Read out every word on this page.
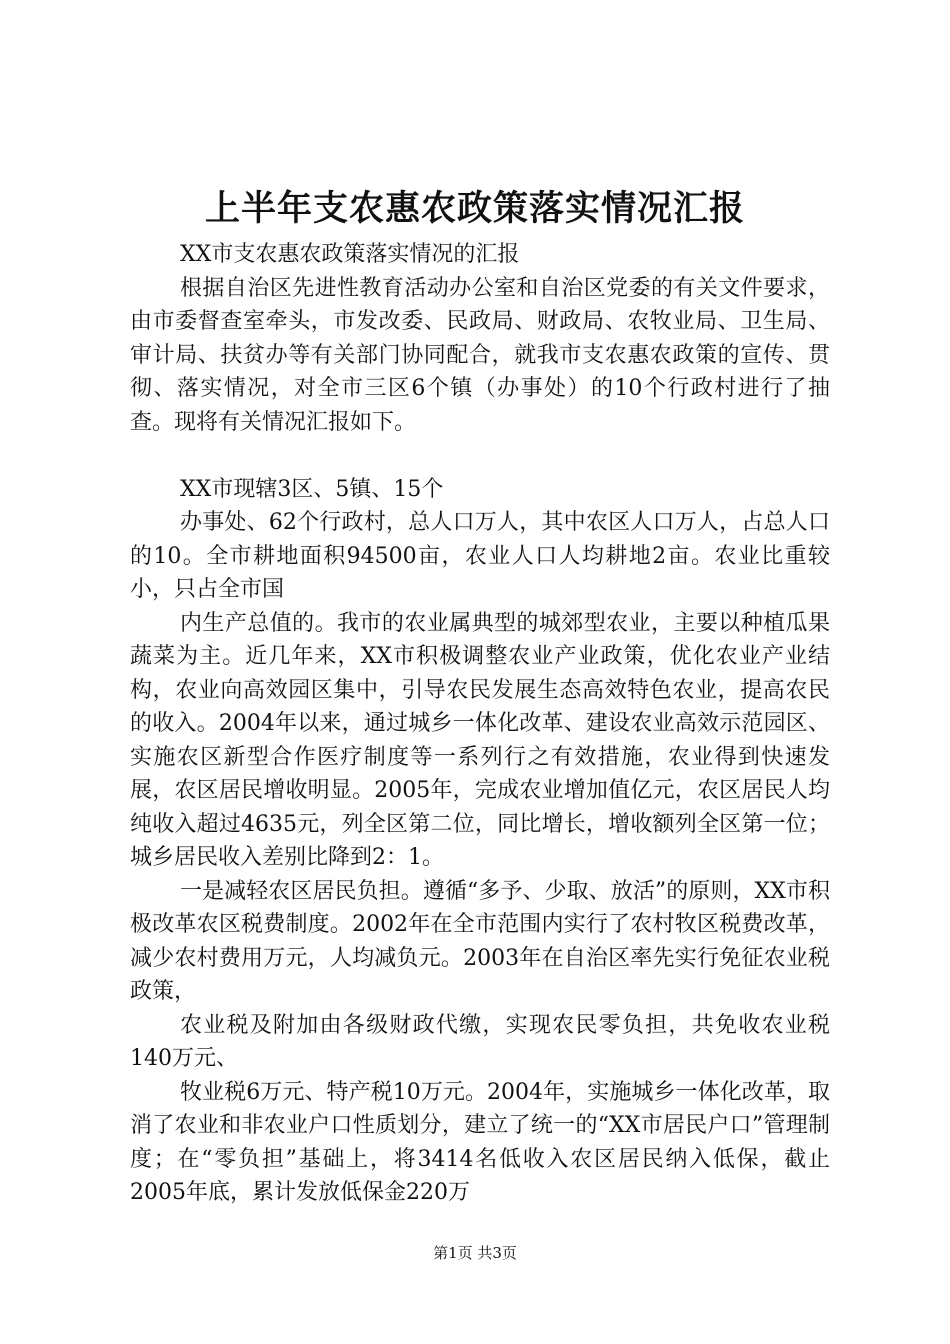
上半年支农惠农政策落实情况汇报

XX市支农惠农政策落实情况的汇报

根据自治区先进性教育活动办公室和自治区党委的有关文件要求，由市委督查室牵头，市发改委、民政局、财政局、农牧业局、卫生局、审计局、扶贫办等有关部门协同配合，就我市支农惠农政策的宣传、贯彻、落实情况，对全市三区6个镇（办事处）的10个行政村进行了抽查。现将有关情况汇报如下。

XX市现辖3区、5镇、15个

办事处、62个行政村，总人口万人，其中农区人口万人，占总人口的10。全市耕地面积94500亩，农业人口人均耕地2亩。农业比重较小，只占全市国

内生产总值的。我市的农业属典型的城郊型农业，主要以种植瓜果蔬菜为主。近几年来，XX市积极调整农业产业政策，优化农业产业结构，农业向高效园区集中，引导农民发展生态高效特色农业，提高农民的收入。2004年以来，通过城乡一体化改革、建设农业高效示范园区、实施农区新型合作医疗制度等一系列行之有效措施，农业得到快速发展，农区居民增收明显。2005年，完成农业增加值亿元，农区居民人均纯收入超过4635元，列全区第二位，同比增长，增收额列全区第一位；城乡居民收入差别比降到2：1。

一是减轻农区居民负担。遵循“多予、少取、放活”的原则，XX市积极改革农区税费制度。2002年在全市范围内实行了农村牧区税费改革，减少农村费用万元，人均减负元。2003年在自治区率先实行免征农业税政策，

农业税及附加由各级财政代缴，实现农民零负担，共免收农业税140万元、

牧业税6万元、特产税10万元。2004年，实施城乡一体化改革，取消了农业和非农业户口性质划分，建立了统一的“XX市居民户口”管理制度；在“零负担”基础上，将3414名低收入农区居民纳入低保，截止2005年底，累计发放低保金220万

第1页 共3页
